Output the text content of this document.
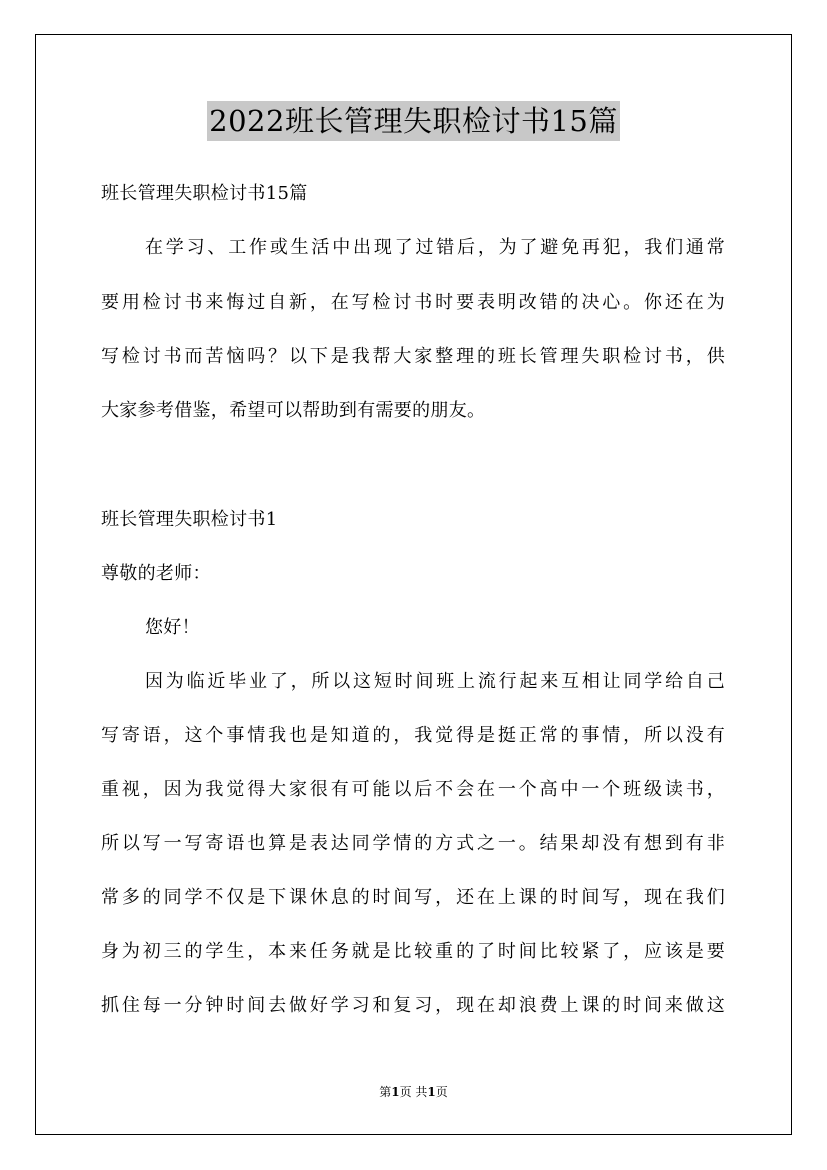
2022班长管理失职检讨书15篇
班长管理失职检讨书15篇
在学习、工作或生活中出现了过错后，为了避免再犯，我们通常
要用检讨书来悔过自新，在写检讨书时要表明改错的决心。你还在为
写检讨书而苦恼吗？以下是我帮大家整理的班长管理失职检讨书，供
大家参考借鉴，希望可以帮助到有需要的朋友。
班长管理失职检讨书1
尊敬的老师：
您好！
因为临近毕业了，所以这短时间班上流行起来互相让同学给自己
写寄语，这个事情我也是知道的，我觉得是挺正常的事情，所以没有
重视，因为我觉得大家很有可能以后不会在一个高中一个班级读书，
所以写一写寄语也算是表达同学情的方式之一。结果却没有想到有非
常多的同学不仅是下课休息的时间写，还在上课的时间写，现在我们
身为初三的学生，本来任务就是比较重的了时间比较紧了，应该是要
抓住每一分钟时间去做好学习和复习，现在却浪费上课的时间来做这
第1页 共1页
